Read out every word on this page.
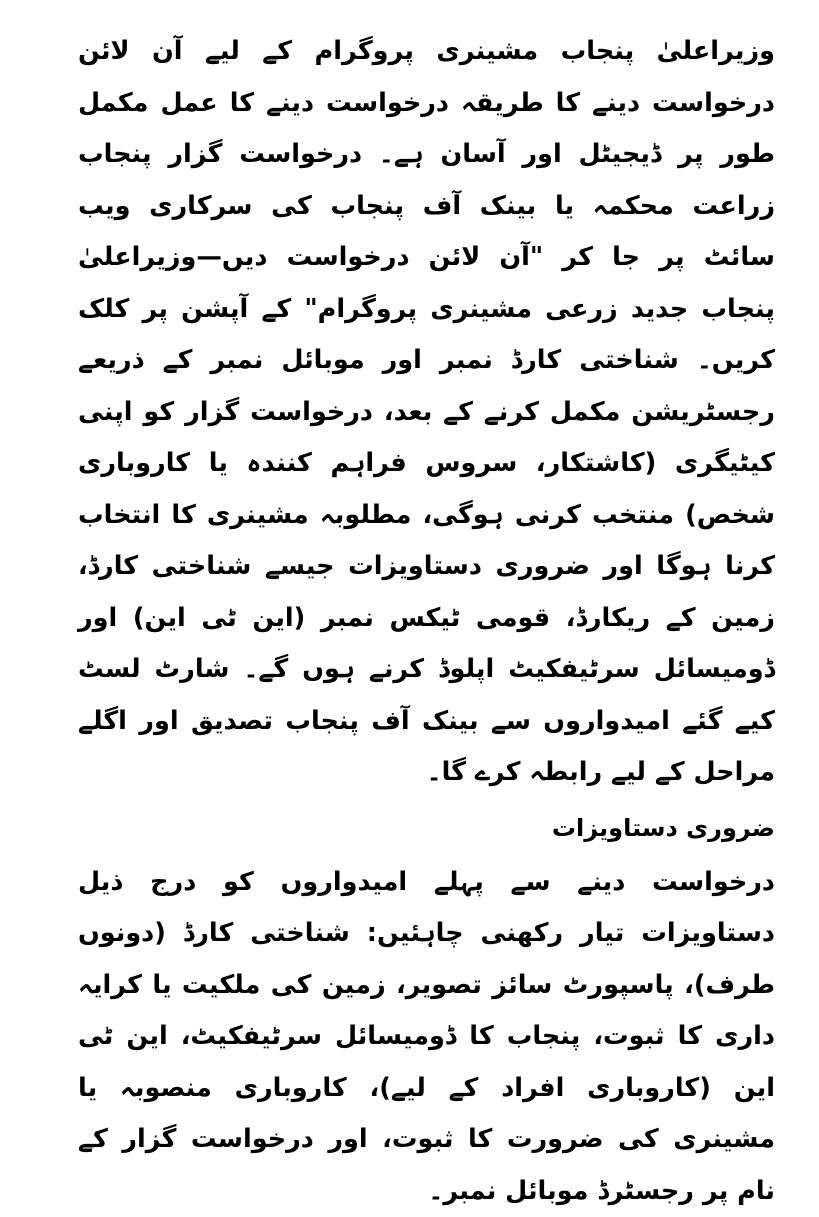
وزیراعلیٰ پنجاب مشینری پروگرام کے لیے آن لائن درخواست دینے کا طریقہ درخواست دینے کا عمل مکمل طور پر ڈیجیٹل اور آسان ہے۔ درخواست گزار پنجاب زراعت محکمہ یا بینک آف پنجاب کی سرکاری ویب سائٹ پر جا کر "آن لائن درخواست دیں—وزیراعلیٰ پنجاب جدید زرعی مشینری پروگرام" کے آپشن پر کلک کریں۔ شناختی کارڈ نمبر اور موبائل نمبر کے ذریعے رجسٹریشن مکمل کرنے کے بعد، درخواست گزار کو اپنی کیٹیگری (کاشتکار، سروس فراہم کنندہ یا کاروباری شخص) منتخب کرنی ہوگی، مطلوبہ مشینری کا انتخاب کرنا ہوگا اور ضروری دستاویزات جیسے شناختی کارڈ، زمین کے ریکارڈ، قومی ٹیکس نمبر (این ٹی این) اور ڈومیسائل سرٹیفکیٹ اپلوڈ کرنے ہوں گے۔ شارٹ لسٹ کیے گئے امیدواروں سے بینک آف پنجاب تصدیق اور اگلے مراحل کے لیے رابطہ کرے گا۔

ضروری دستاویزات

درخواست دینے سے پہلے امیدواروں کو درج ذیل دستاویزات تیار رکھنی چاہئیں: شناختی کارڈ (دونوں طرف)، پاسپورٹ سائز تصویر، زمین کی ملکیت یا کرایہ داری کا ثبوت، پنجاب کا ڈومیسائل سرٹیفکیٹ، این ٹی این (کاروباری افراد کے لیے)، کاروباری منصوبہ یا مشینری کی ضرورت کا ثبوت، اور درخواست گزار کے نام پر رجسٹرڈ موبائل نمبر۔
